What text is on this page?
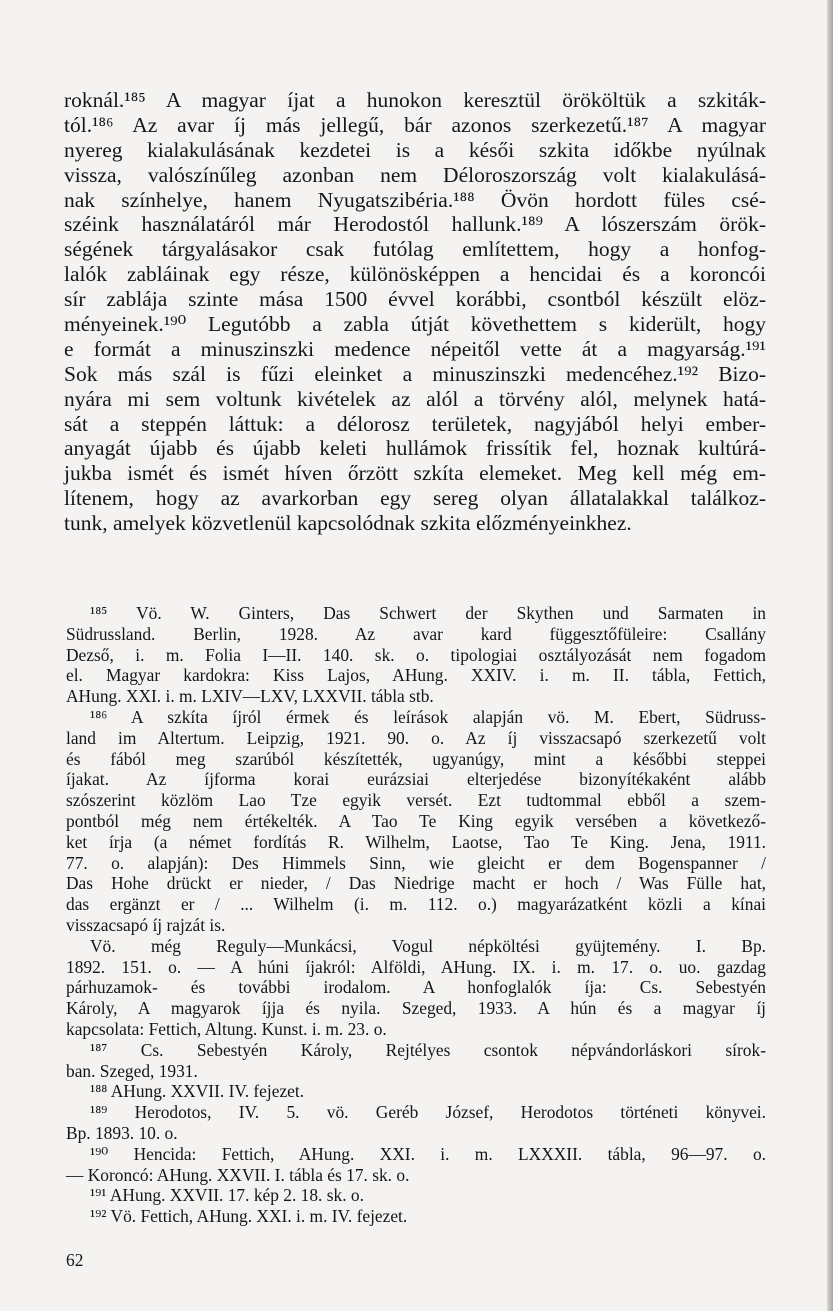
roknál.¹⁸⁵ A magyar íjat a hunokon keresztül örököltük a szkiták-
tól.¹⁸⁶ Az avar íj más jellegű, bár azonos szerkezetű.¹⁸⁷ A magyar
nyereg kialakulásának kezdetei is a késői szkita időkbe nyúlnak
vissza, valószínűleg azonban nem Déloroszország volt kialakulásá-
nak színhelye, hanem Nyugatszibéria.¹⁸⁸ Övön hordott füles csé-
széink használatáról már Herodostól hallunk.¹⁸⁹ A lószerszám örök-
ségének tárgyalásakor csak futólag említettem, hogy a honfog-
lalók zabláinak egy része, különösképpen a hencidai és a koroncói
sír zablája szinte mása 1500 évvel korábbi, csontból készült elöz-
ményeinek.¹⁹⁰ Legutóbb a zabla útját követhettem s kiderült, hogy
e formát a minuszinszki medence népeitől vette át a magyarság.¹⁹¹
Sok más szál is fűzi eleinket a minuszinszki medencéhez.¹⁹² Bizo-
nyára mi sem voltunk kivételek az alól a törvény alól, melynek hatá-
sát a steppén láttuk: a délorosz területek, nagyjából helyi ember-
anyagát újabb és újabb keleti hullámok frissítik fel, hoznak kultúrá-
jukba ismét és ismét híven őrzött szkíta elemeket. Meg kell még em-
lítenem, hogy az avarkorban egy sereg olyan állatalakkal találkoz-
tunk, amelyek közvetlenül kapcsolódnak szkita előzményeinkhez.
¹⁸⁵ Vö. W. Ginters, Das Schwert der Skythen und Sarmaten in
Südrussland. Berlin, 1928. Az avar kard függesztőfüleire: Csallány
Dezső, i. m. Folia I—II. 140. sk. o. tipologiai osztályozását nem fogadom
el. Magyar kardokra: Kiss Lajos, AHung. XXIV. i. m. II. tábla, Fettich,
AHung. XXI. i. m. LXIV—LXV, LXXVII. tábla stb.
¹⁸⁶ A szkíta íjról érmek és leírások alapján vö. M. Ebert, Südruss-
land im Altertum. Leipzig, 1921. 90. o. Az íj visszacsapó szerkezetű volt
és fából meg szarúból készítették, ugyanúgy, mint a későbbi steppei
íjakat. Az íjforma korai eurázsiai elterjedése bizonyítékaként alább
szószerint közlöm Lao Tze egyik versét. Ezt tudtommal ebből a szem-
pontból még nem értékelték. A Tao Te King egyik versében a következő-
ket írja (a német fordítás R. Wilhelm, Laotse, Tao Te King. Jena, 1911.
77. o. alapján): Des Himmels Sinn, wie gleicht er dem Bogenspanner /
Das Hohe drückt er nieder, / Das Niedrige macht er hoch / Was Fülle hat,
das ergänzt er / ... Wilhelm (i. m. 112. o.) magyarázatként közli a kínai
visszacsapó íj rajzát is.
Vö. még Reguly—Munkácsi, Vogul népköltési gyüjtemény. I. Bp.
1892. 151. o. — A húni íjakról: Alföldi, AHung. IX. i. m. 17. o. uo. gazdag
párhuzamok- és további irodalom. A honfoglalók íja: Cs. Sebestyén
Károly, A magyarok íjja és nyila. Szeged, 1933. A hún és a magyar íj
kapcsolata: Fettich, Altung. Kunst. i. m. 23. o.
¹⁸⁷ Cs. Sebestyén Károly, Rejtélyes csontok népvándorláskori sírok-
ban. Szeged, 1931.
¹⁸⁸ AHung. XXVII. IV. fejezet.
¹⁸⁹ Herodotos, IV. 5. vö. Geréb József, Herodotos történeti könyvei.
Bp. 1893. 10. o.
¹⁹⁰ Hencida: Fettich, AHung. XXI. i. m. LXXXII. tábla, 96—97. o.
— Koroncó: AHung. XXVII. I. tábla és 17. sk. o.
¹⁹¹ AHung. XXVII. 17. kép 2. 18. sk. o.
¹⁹² Vö. Fettich, AHung. XXI. i. m. IV. fejezet.
62
